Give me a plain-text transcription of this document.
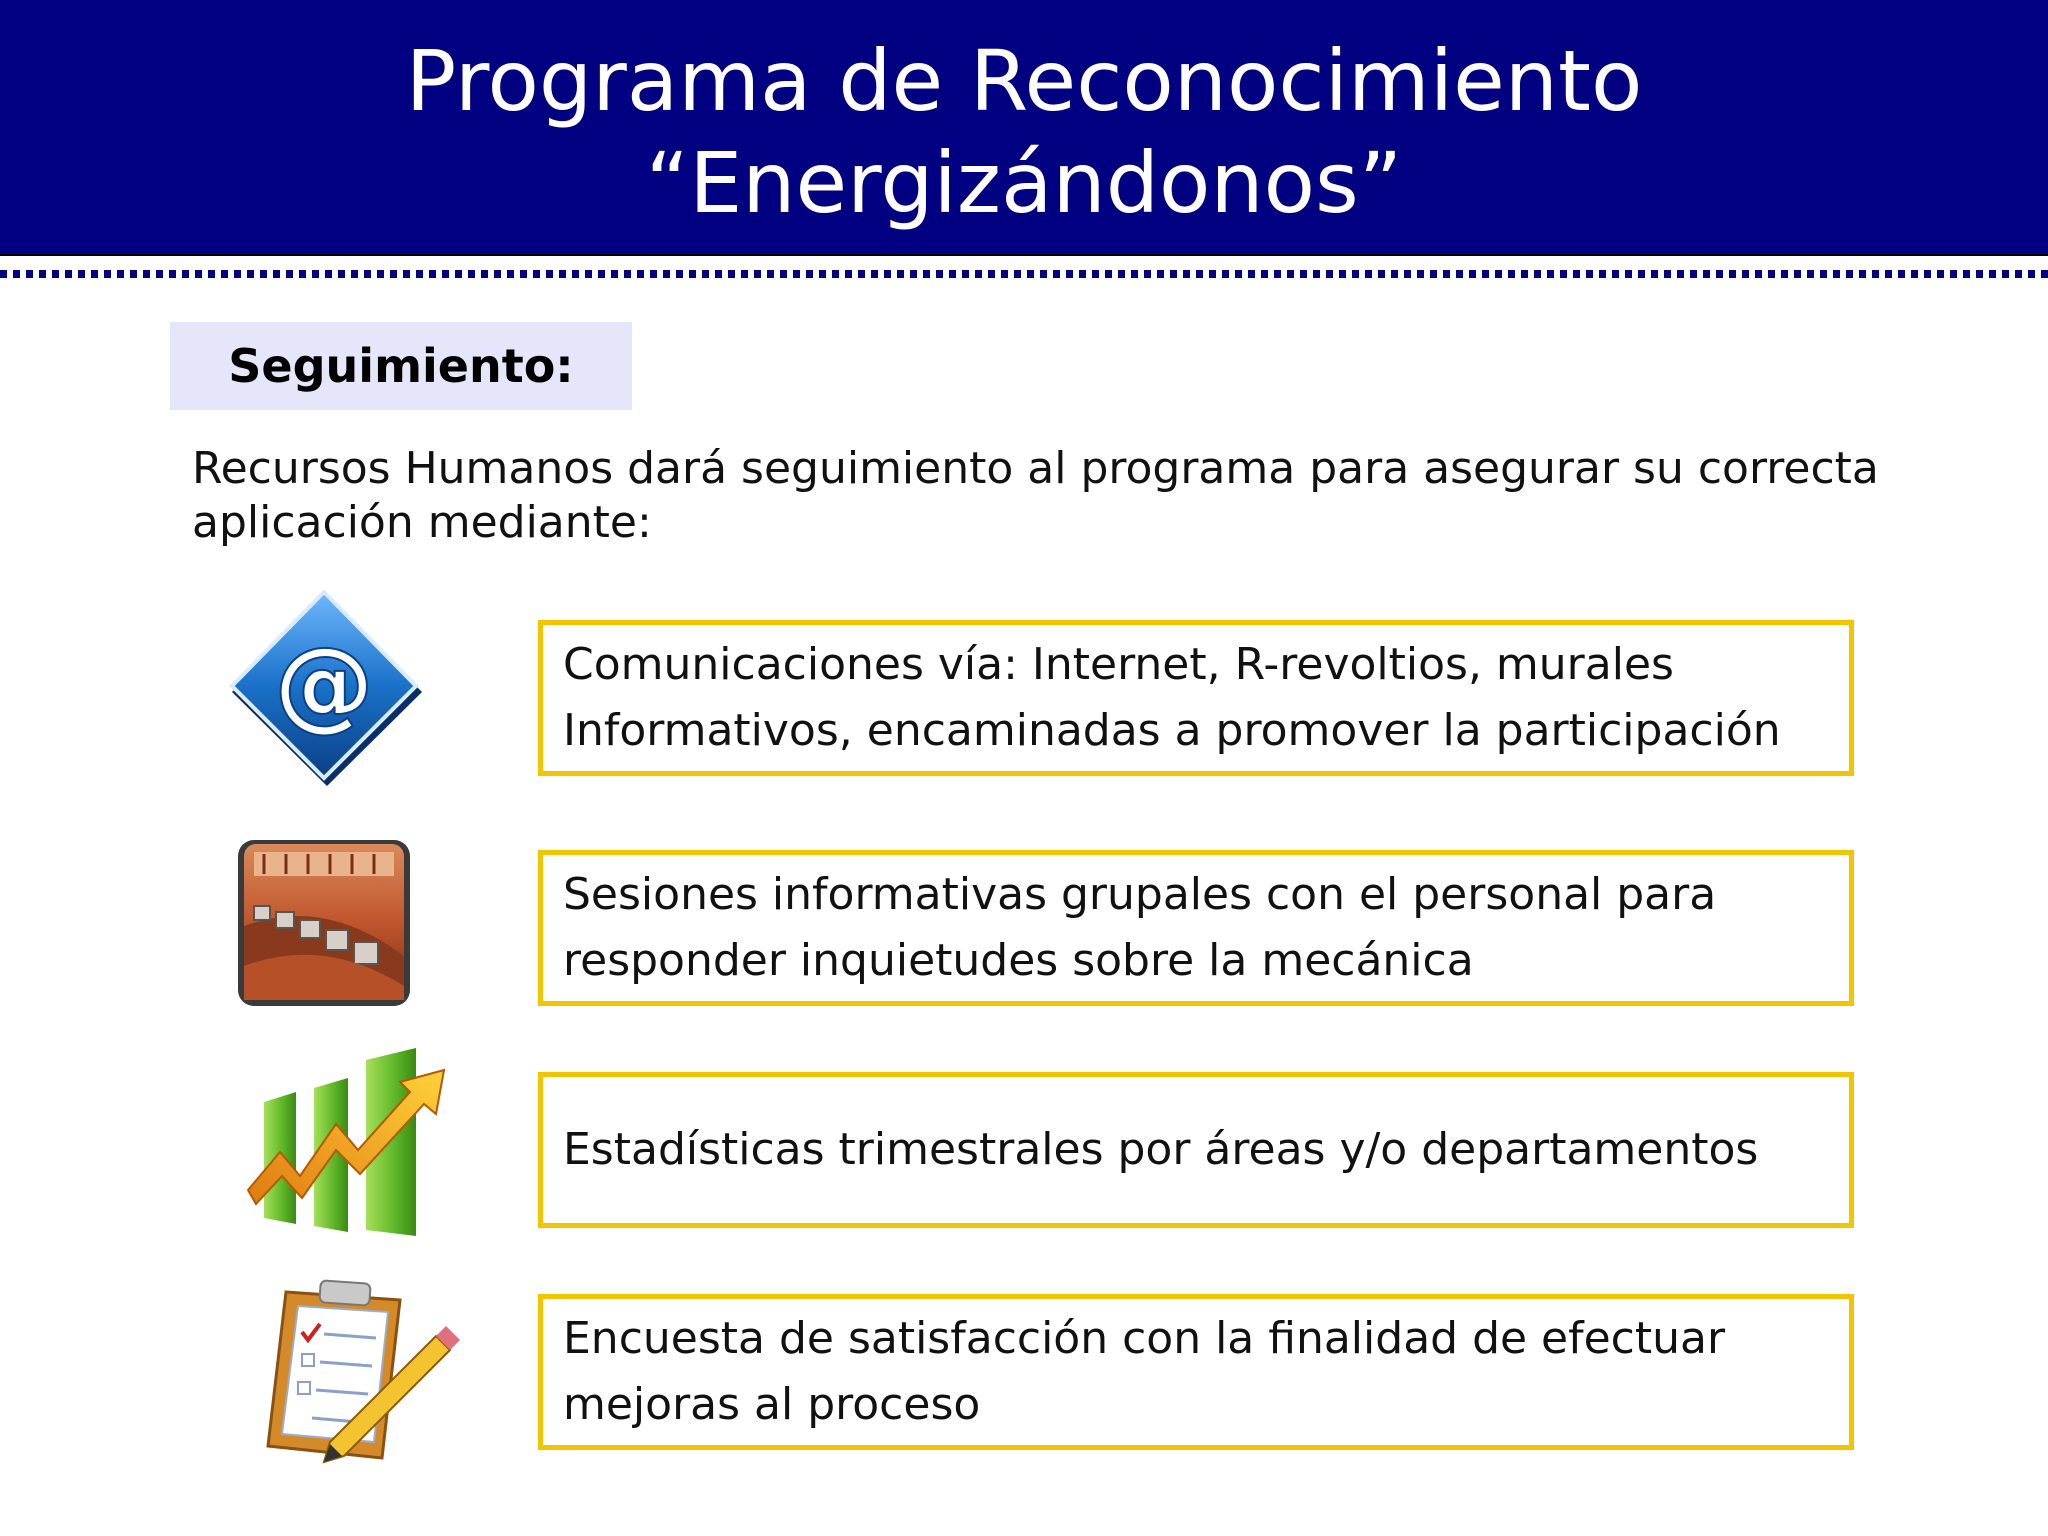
Programa de Reconocimiento
“Energizándonos”
Seguimiento:
Recursos Humanos dará seguimiento al programa para asegurar su correcta aplicación mediante:
@	Comunicaciones vía: Internet, R-revoltios, murales Informativos, encaminadas a promover la participación
Sesiones informativas grupales con el personal para responder inquietudes sobre la mecánica
Estadísticas trimestrales por áreas y/o departamentos
Encuesta de satisfacción con la finalidad de efectuar mejoras al proceso
